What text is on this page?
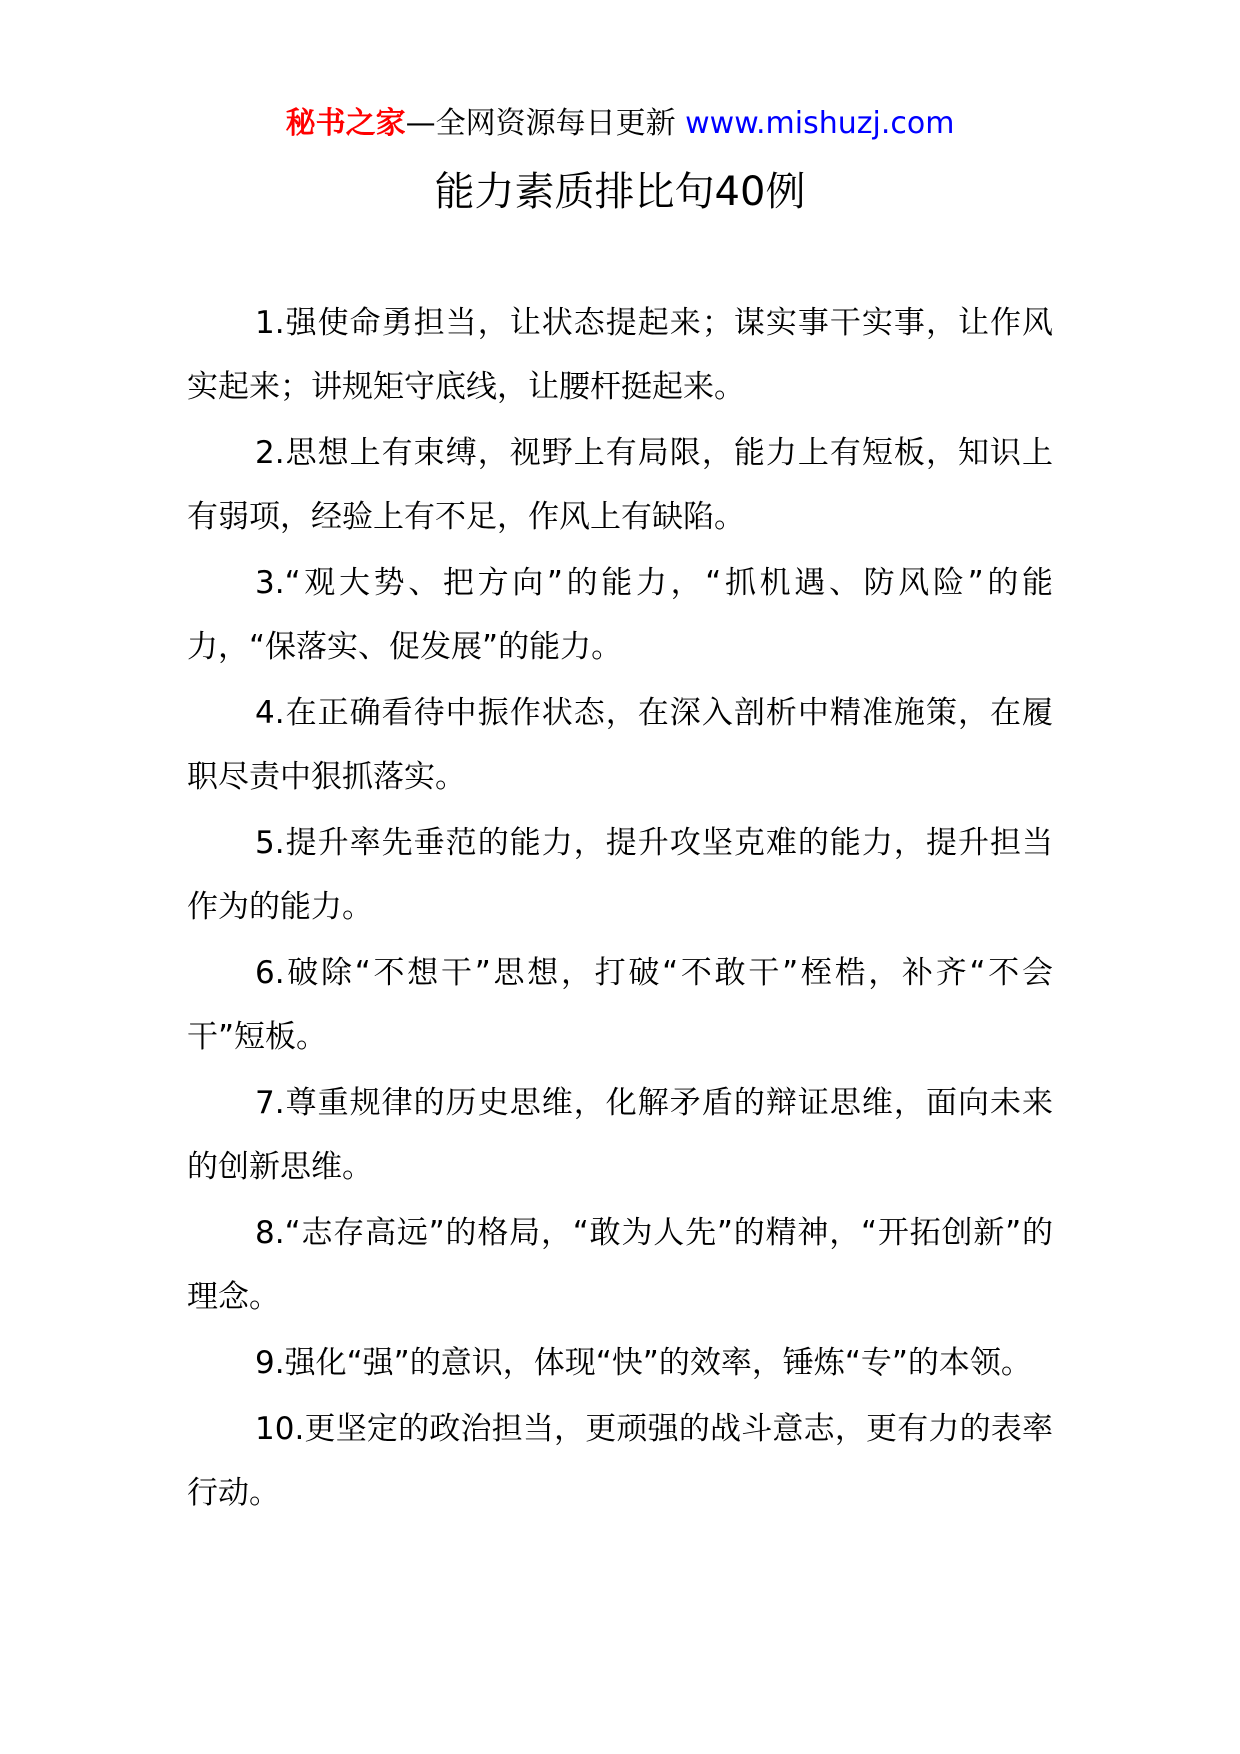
秘书之家—全网资源每日更新 www.mishuzj.com
能力素质排比句40例

1.强使命勇担当，让状态提起来；谋实事干实事，让作风实起来；讲规矩守底线，让腰杆挺起来。

2.思想上有束缚，视野上有局限，能力上有短板，知识上有弱项，经验上有不足，作风上有缺陷。

3.“观大势、把方向”的能力，“抓机遇、防风险”的能力，“保落实、促发展”的能力。

4.在正确看待中振作状态，在深入剖析中精准施策，在履职尽责中狠抓落实。

5.提升率先垂范的能力，提升攻坚克难的能力，提升担当作为的能力。

6.破除“不想干”思想，打破“不敢干”桎梏，补齐“不会干”短板。

7.尊重规律的历史思维，化解矛盾的辩证思维，面向未来的创新思维。

8.“志存高远”的格局，“敢为人先”的精神，“开拓创新”的理念。

9.强化“强”的意识，体现“快”的效率，锤炼“专”的本领。

10.更坚定的政治担当，更顽强的战斗意志，更有力的表率行动。
